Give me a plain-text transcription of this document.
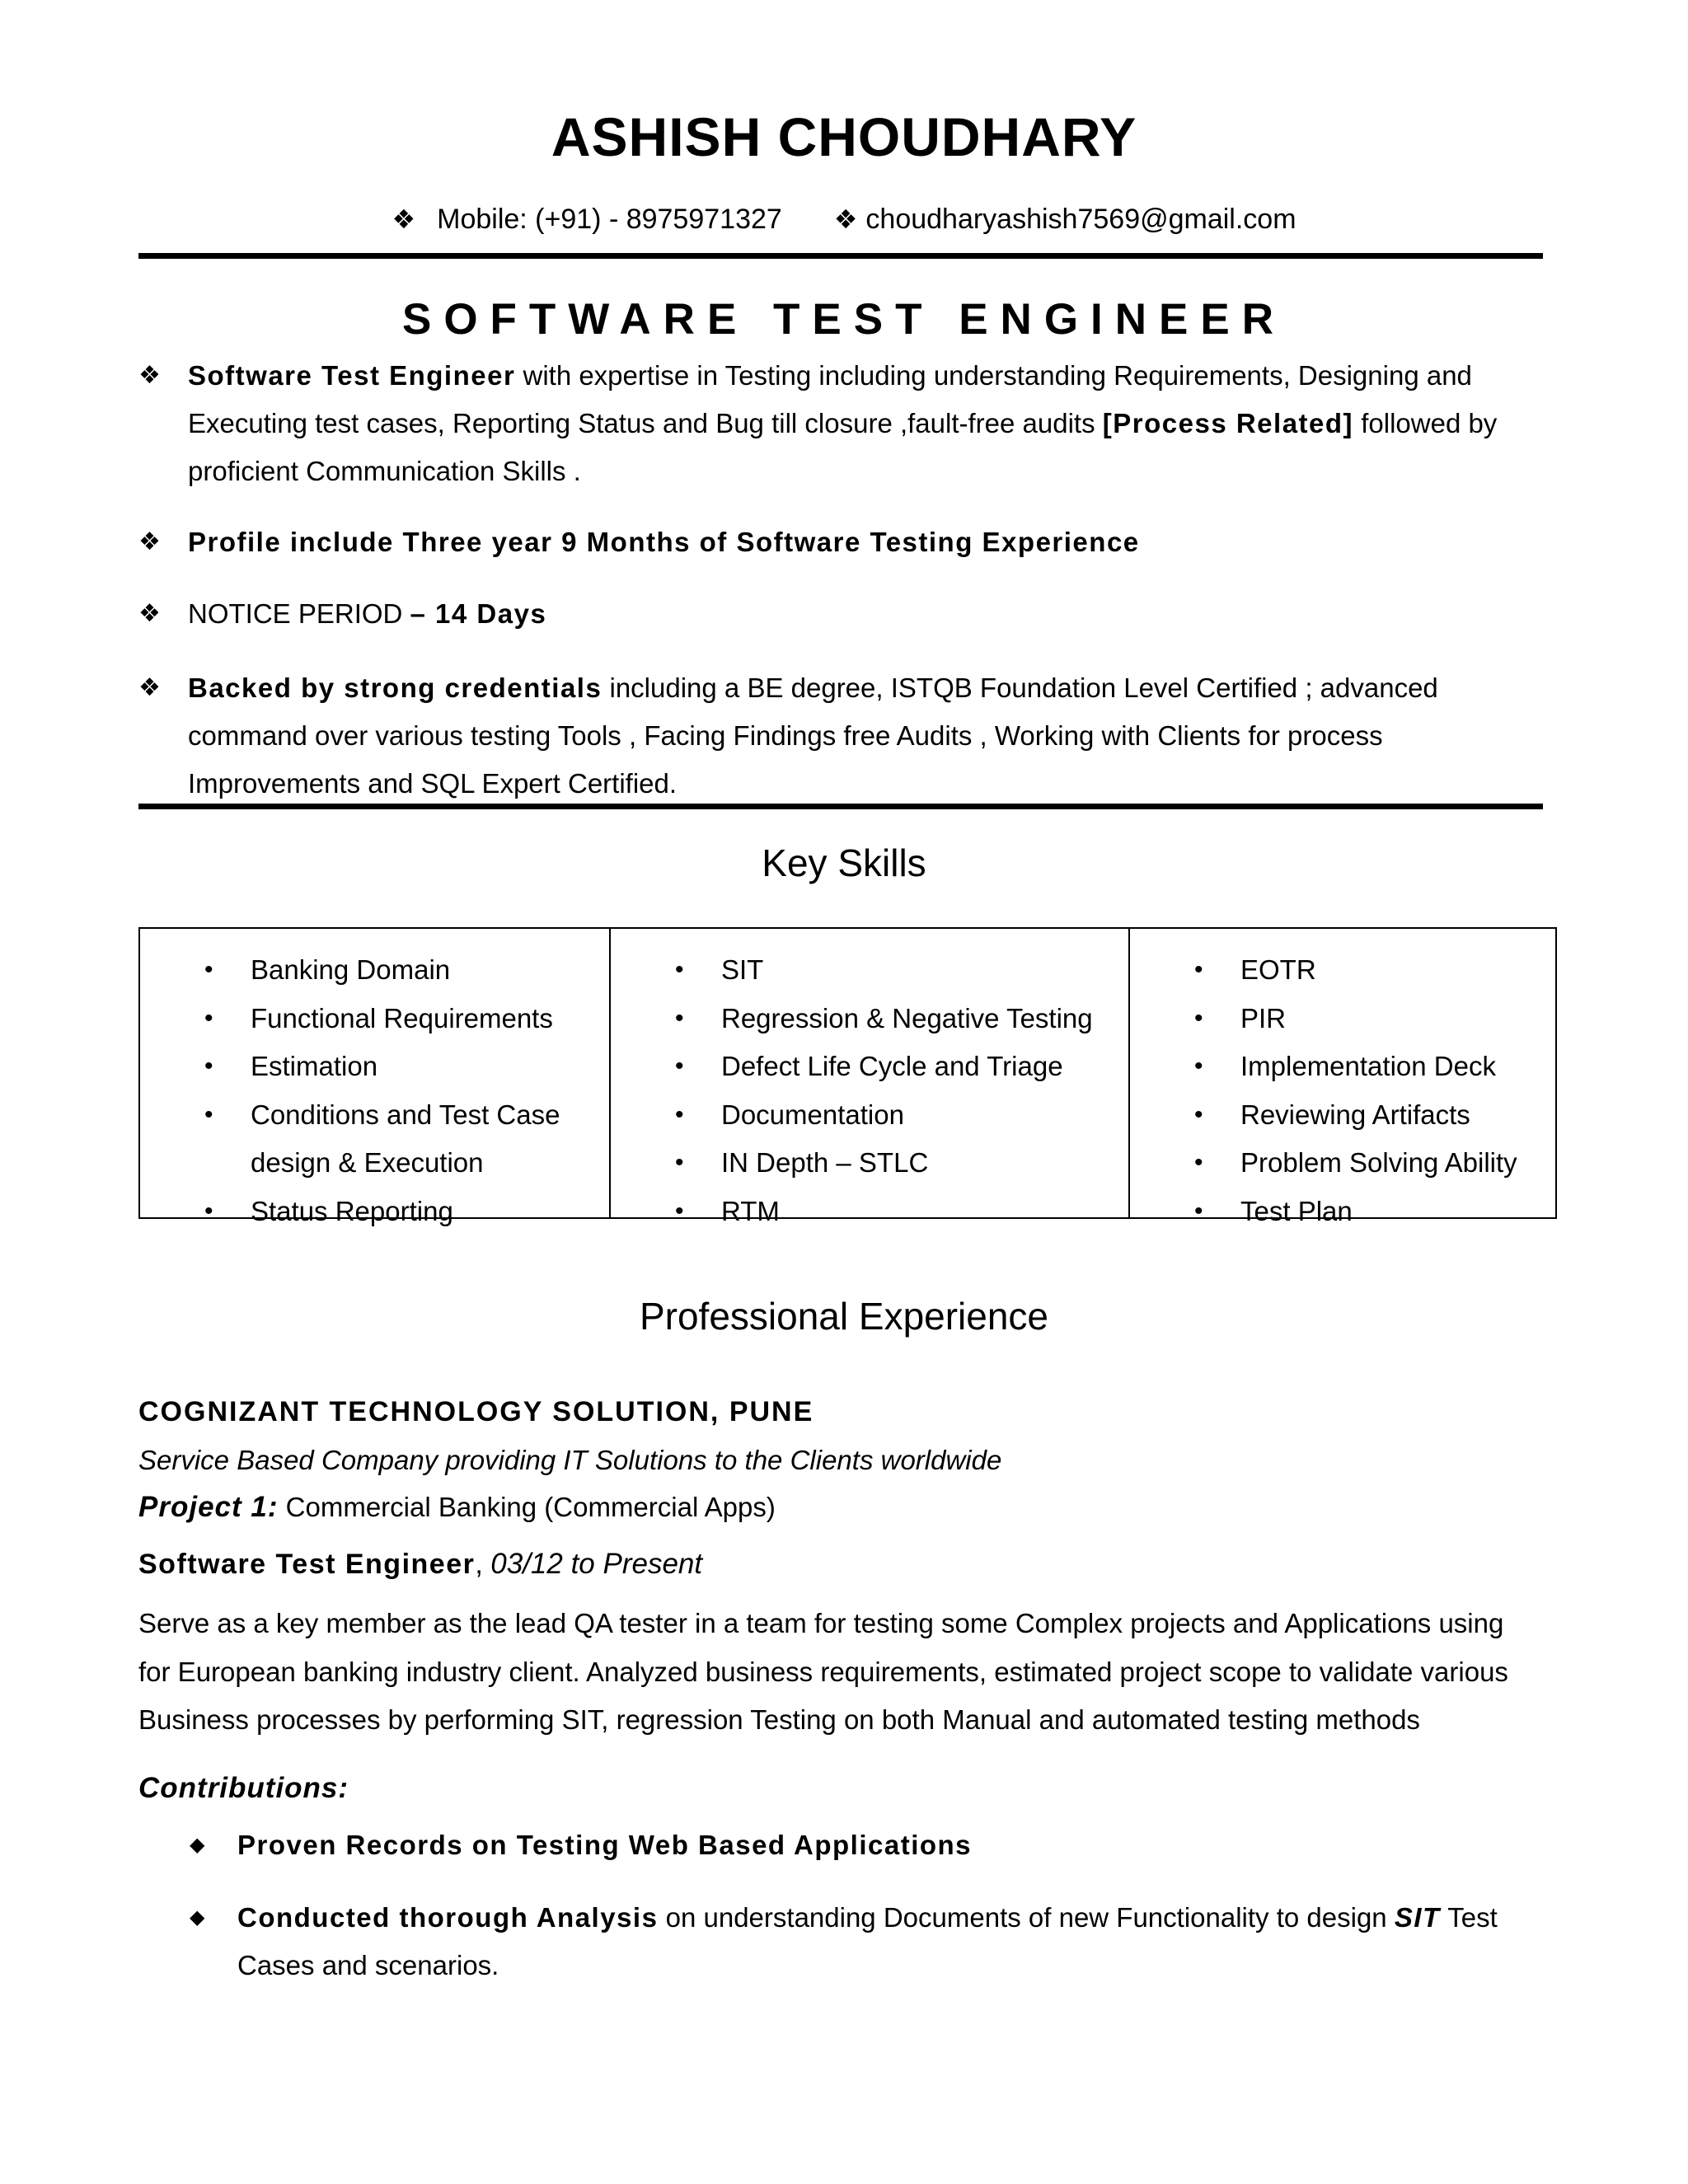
ASHISH CHOUDHARY
❖ Mobile: (+91) - 8975971327 ❖ choudharyashish7569@gmail.com
SOFTWARE TEST ENGINEER
❖ Software Test Engineer with expertise in Testing including understanding Requirements, Designing and Executing test cases, Reporting Status and Bug till closure ,fault-free audits [Process Related] followed by proficient Communication Skills .
❖ Profile include Three year 9 Months of Software Testing Experience
❖ NOTICE PERIOD – 14 Days
❖ Backed by strong credentials including a BE degree, ISTQB Foundation Level Certified ; advanced command over various testing Tools , Facing Findings free Audits , Working with Clients for process Improvements and SQL Expert Certified.
Key Skills
• Banking Domain
• Functional Requirements
• Estimation
• Conditions and Test Case design & Execution
• Status Reporting
• SIT
• Regression & Negative Testing
• Defect Life Cycle and Triage
• Documentation
• IN Depth – STLC
• RTM
• EOTR
• PIR
• Implementation Deck
• Reviewing Artifacts
• Problem Solving Ability
• Test Plan
Professional Experience
COGNIZANT TECHNOLOGY SOLUTION, PUNE
Service Based Company providing IT Solutions to the Clients worldwide
Project 1: Commercial Banking (Commercial Apps)
Software Test Engineer, 03/12 to Present
Serve as a key member as the lead QA tester in a team for testing some Complex projects and Applications using for European banking industry client. Analyzed business requirements, estimated project scope to validate various Business processes by performing SIT, regression Testing on both Manual and automated testing methods
Contributions:
◆ Proven Records on Testing Web Based Applications
◆ Conducted thorough Analysis on understanding Documents of new Functionality to design SIT Test Cases and scenarios.
